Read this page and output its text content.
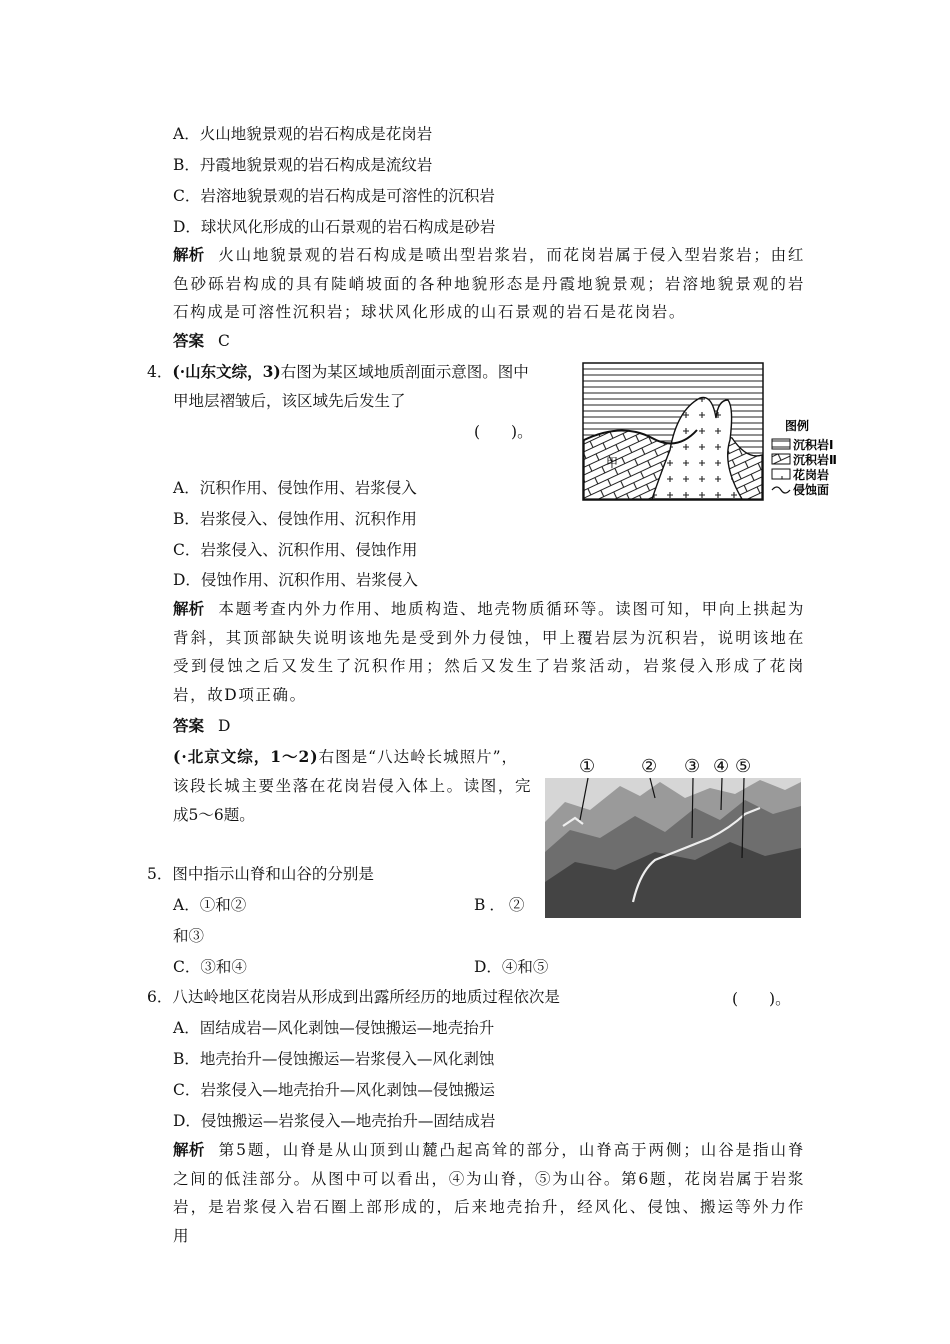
A．火山地貌景观的岩石构成是花岗岩
B．丹霞地貌景观的岩石构成是流纹岩
C．岩溶地貌景观的岩石构成是可溶性的沉积岩
D．球状风化形成的山石景观的岩石构成是砂岩
解析 火山地貌景观的岩石构成是喷出型岩浆岩，而花岗岩属于侵入型岩浆岩；由红色砂砾岩构成的具有陡峭坡面的各种地貌形态是丹霞地貌景观；岩溶地貌景观的岩石构成是可溶性沉积岩；球状风化形成的山石景观的岩石是花岗岩。
答案 C
4．(·山东文综，3)右图为某区域地质剖面示意图。图中
甲地层褶皱后，该区域先后发生了
(　　)。
甲
图例
沉积岩Ⅰ
沉积岩Ⅱ
花岗岩
侵蚀面
A．沉积作用、侵蚀作用、岩浆侵入
B．岩浆侵入、侵蚀作用、沉积作用
C．岩浆侵入、沉积作用、侵蚀作用
D．侵蚀作用、沉积作用、岩浆侵入
解析 本题考查内外力作用、地质构造、地壳物质循环等。读图可知，甲向上拱起为背斜，其顶部缺失说明该地先是受到外力侵蚀，甲上覆岩层为沉积岩，说明该地在受到侵蚀之后又发生了沉积作用；然后又发生了岩浆活动，岩浆侵入形成了花岗岩，故D项正确。
答案 D
(·北京文综，1～2)右图是“八达岭长城照片”，
该段长城主要坐落在花岗岩侵入体上。读图，完
成5～6题。
①	② ③ ④ ⑤
5．图中指示山脊和山谷的分别是
A．①和②	B．②
和③
C．③和④	D．④和⑤
6．八达岭地区花岗岩从形成到出露所经历的地质过程依次是	(　　)。
A．固结成岩—风化剥蚀—侵蚀搬运—地壳抬升
B．地壳抬升—侵蚀搬运—岩浆侵入—风化剥蚀
C．岩浆侵入—地壳抬升—风化剥蚀—侵蚀搬运
D．侵蚀搬运—岩浆侵入—地壳抬升—固结成岩
解析 第5题，山脊是从山顶到山麓凸起高耸的部分，山脊高于两侧；山谷是指山脊之间的低洼部分。从图中可以看出，④为山脊，⑤为山谷。第6题，花岗岩属于岩浆岩，是岩浆侵入岩石圈上部形成的，后来地壳抬升，经风化、侵蚀、搬运等外力作用
